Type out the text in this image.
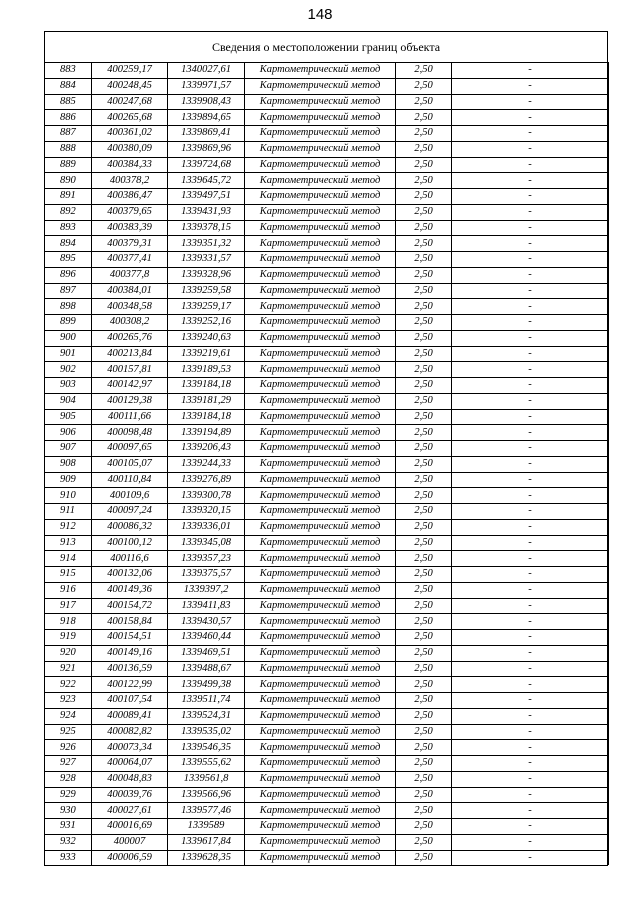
148
Сведения о местоположении границ объекта
883	400259,17	1340027,61	Картометрический метод	2,50	-
884	400248,45	1339971,57	Картометрический метод	2,50	-
885	400247,68	1339908,43	Картометрический метод	2,50	-
886	400265,68	1339894,65	Картометрический метод	2,50	-
887	400361,02	1339869,41	Картометрический метод	2,50	-
888	400380,09	1339869,96	Картометрический метод	2,50	-
889	400384,33	1339724,68	Картометрический метод	2,50	-
890	400378,2	1339645,72	Картометрический метод	2,50	-
891	400386,47	1339497,51	Картометрический метод	2,50	-
892	400379,65	1339431,93	Картометрический метод	2,50	-
893	400383,39	1339378,15	Картометрический метод	2,50	-
894	400379,31	1339351,32	Картометрический метод	2,50	-
895	400377,41	1339331,57	Картометрический метод	2,50	-
896	400377,8	1339328,96	Картометрический метод	2,50	-
897	400384,01	1339259,58	Картометрический метод	2,50	-
898	400348,58	1339259,17	Картометрический метод	2,50	-
899	400308,2	1339252,16	Картометрический метод	2,50	-
900	400265,76	1339240,63	Картометрический метод	2,50	-
901	400213,84	1339219,61	Картометрический метод	2,50	-
902	400157,81	1339189,53	Картометрический метод	2,50	-
903	400142,97	1339184,18	Картометрический метод	2,50	-
904	400129,38	1339181,29	Картометрический метод	2,50	-
905	400111,66	1339184,18	Картометрический метод	2,50	-
906	400098,48	1339194,89	Картометрический метод	2,50	-
907	400097,65	1339206,43	Картометрический метод	2,50	-
908	400105,07	1339244,33	Картометрический метод	2,50	-
909	400110,84	1339276,89	Картометрический метод	2,50	-
910	400109,6	1339300,78	Картометрический метод	2,50	-
911	400097,24	1339320,15	Картометрический метод	2,50	-
912	400086,32	1339336,01	Картометрический метод	2,50	-
913	400100,12	1339345,08	Картометрический метод	2,50	-
914	400116,6	1339357,23	Картометрический метод	2,50	-
915	400132,06	1339375,57	Картометрический метод	2,50	-
916	400149,36	1339397,2	Картометрический метод	2,50	-
917	400154,72	1339411,83	Картометрический метод	2,50	-
918	400158,84	1339430,57	Картометрический метод	2,50	-
919	400154,51	1339460,44	Картометрический метод	2,50	-
920	400149,16	1339469,51	Картометрический метод	2,50	-
921	400136,59	1339488,67	Картометрический метод	2,50	-
922	400122,99	1339499,38	Картометрический метод	2,50	-
923	400107,54	1339511,74	Картометрический метод	2,50	-
924	400089,41	1339524,31	Картометрический метод	2,50	-
925	400082,82	1339535,02	Картометрический метод	2,50	-
926	400073,34	1339546,35	Картометрический метод	2,50	-
927	400064,07	1339555,62	Картометрический метод	2,50	-
928	400048,83	1339561,8	Картометрический метод	2,50	-
929	400039,76	1339566,96	Картометрический метод	2,50	-
930	400027,61	1339577,46	Картометрический метод	2,50	-
931	400016,69	1339589	Картометрический метод	2,50	-
932	400007	1339617,84	Картометрический метод	2,50	-
933	400006,59	1339628,35	Картометрический метод	2,50	-
